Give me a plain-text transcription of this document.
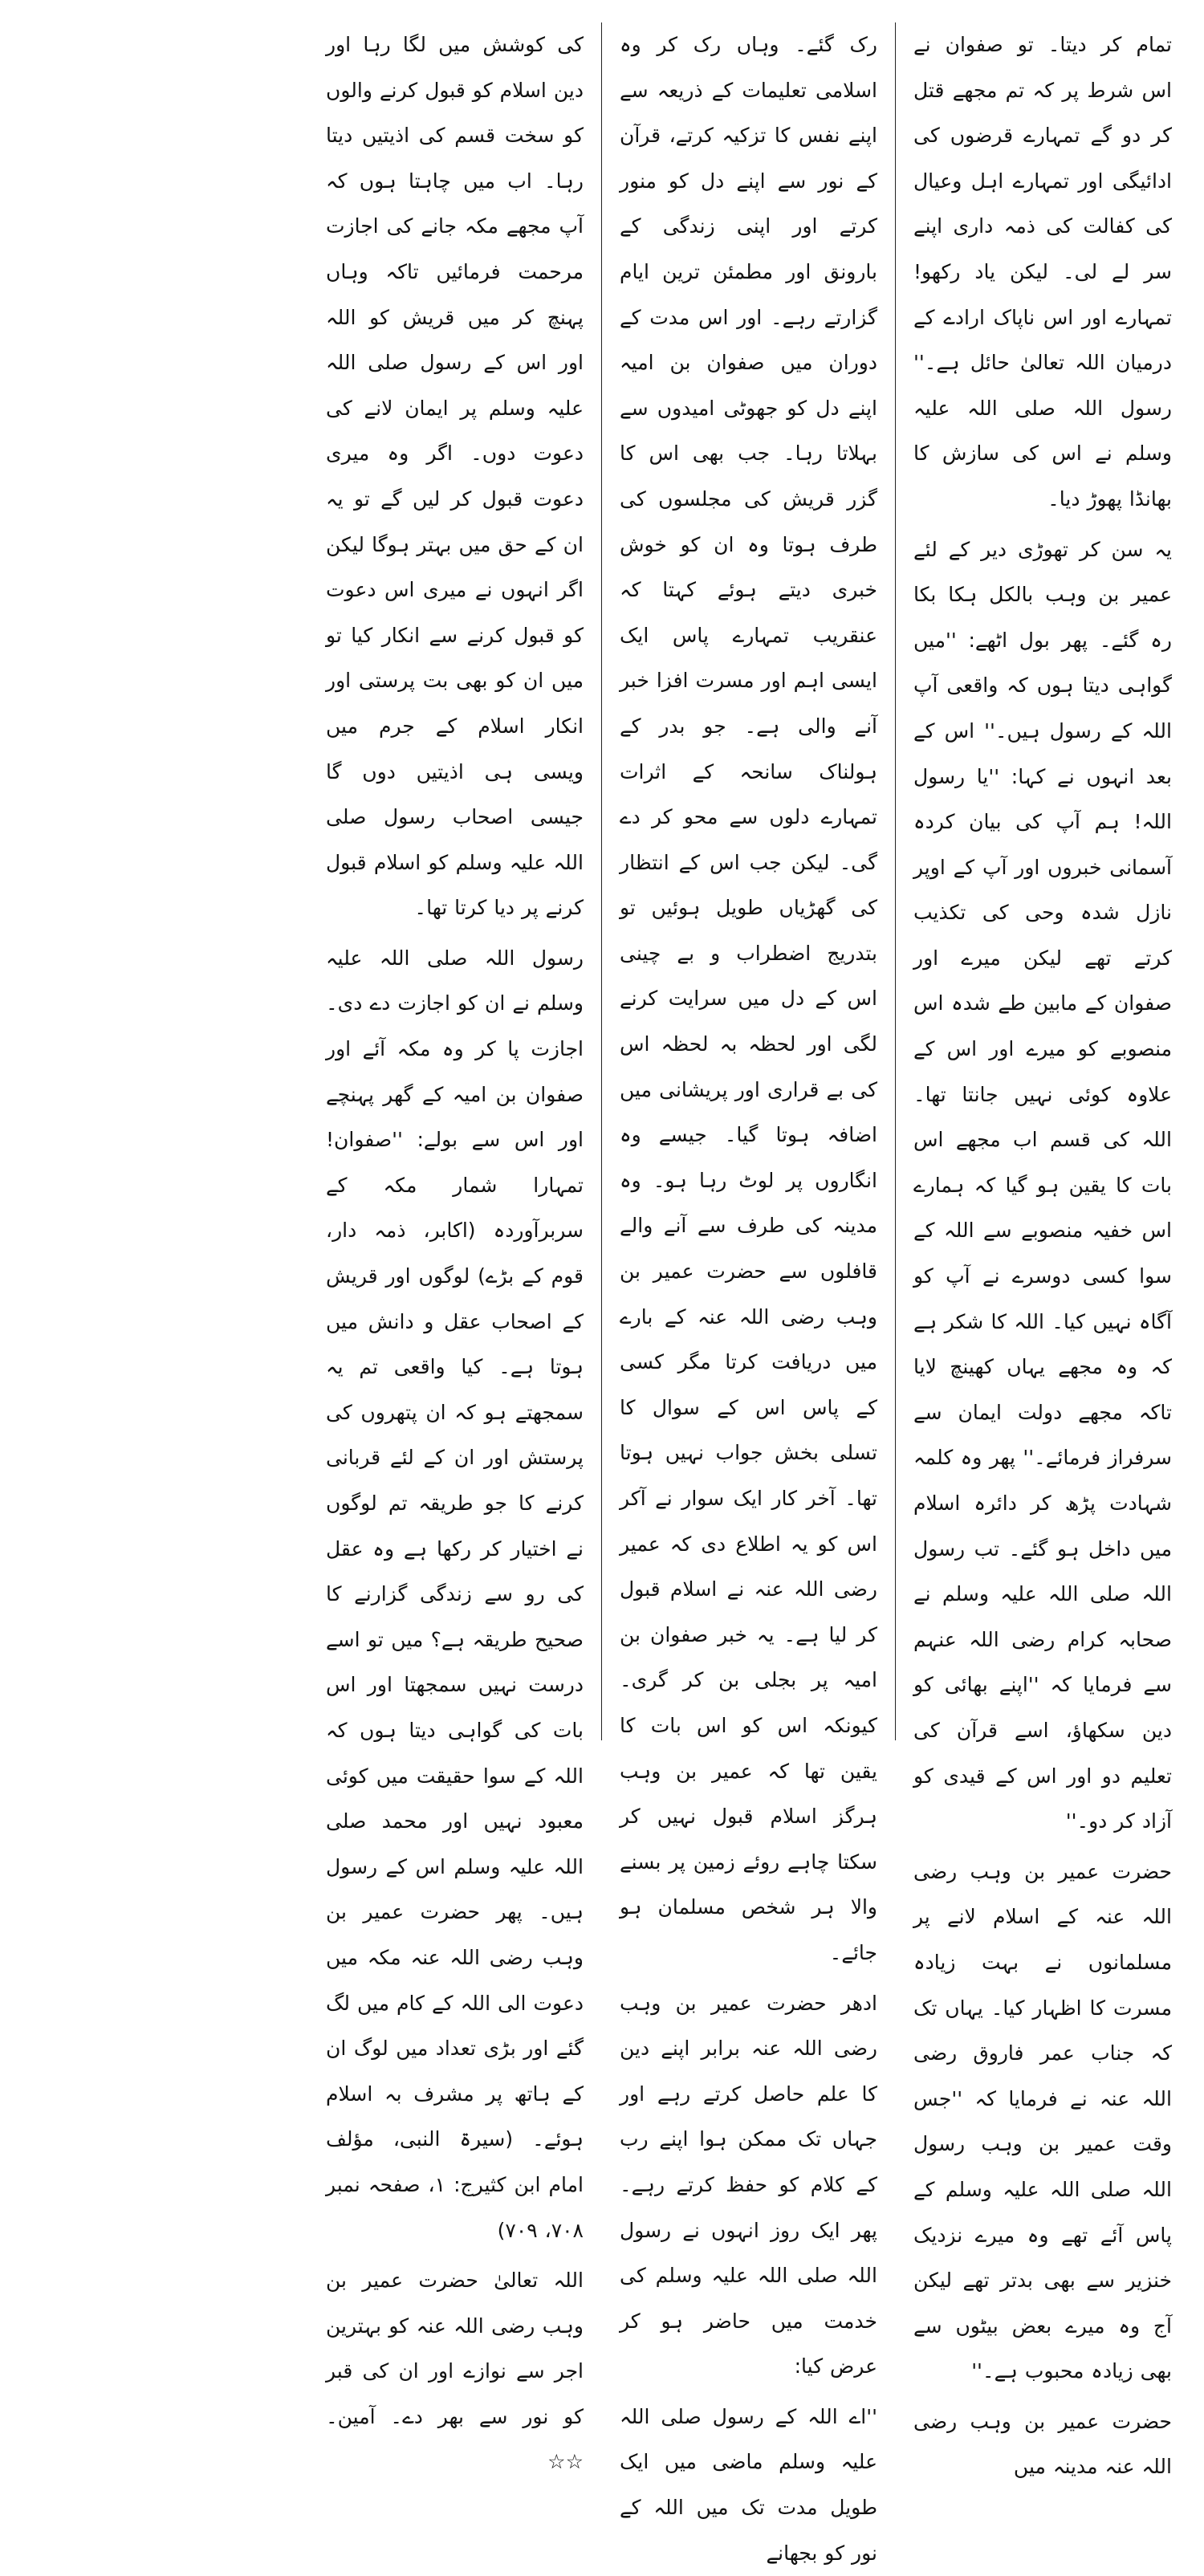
تمام کر دیتا۔ تو صفوان نے اس شرط پر کہ تم مجھے قتل کر دو گے تمہارے قرضوں کی ادائیگی اور تمہارے اہل وعیال کی کفالت کی ذمہ داری اپنے سر لے لی۔ لیکن یاد رکھو! تمہارے اور اس ناپاک ارادے کے درمیان اللہ تعالیٰ حائل ہے۔'' رسول اللہ صلی اللہ علیہ وسلم نے اس کی سازش کا بھانڈا پھوڑ دیا۔

یہ سن کر تھوڑی دیر کے لئے عمیر بن وہب بالکل ہکا بکا رہ گئے۔ پھر بول اٹھے: ''میں گواہی دیتا ہوں کہ واقعی آپ اللہ کے رسول ہیں۔'' اس کے بعد انہوں نے کہا: ''یا رسول اللہ! ہم آپ کی بیان کردہ آسمانی خبروں اور آپ کے اوپر نازل شدہ وحی کی تکذیب کرتے تھے لیکن میرے اور صفوان کے مابین طے شدہ اس منصوبے کو میرے اور اس کے علاوہ کوئی نہیں جانتا تھا۔ اللہ کی قسم اب مجھے اس بات کا یقین ہو گیا کہ ہمارے اس خفیہ منصوبے سے اللہ کے سوا کسی دوسرے نے آپ کو آگاہ نہیں کیا۔ اللہ کا شکر ہے کہ وہ مجھے یہاں کھینچ لایا تاکہ مجھے دولت ایمان سے سرفراز فرمائے۔'' پھر وہ کلمہ شہادت پڑھ کر دائرہ اسلام میں داخل ہو گئے۔ تب رسول اللہ صلی اللہ علیہ وسلم نے صحابہ کرام رضی اللہ عنہم سے فرمایا کہ ''اپنے بھائی کو دین سکھاؤ، اسے قرآن کی تعلیم دو اور اس کے قیدی کو آزاد کر دو۔''

حضرت عمیر بن وہب رضی اللہ عنہ کے اسلام لانے پر مسلمانوں نے بہت زیادہ مسرت کا اظہار کیا۔ یہاں تک کہ جناب عمر فاروق رضی اللہ عنہ نے فرمایا کہ ''جس وقت عمیر بن وہب رسول اللہ صلی اللہ علیہ وسلم کے پاس آئے تھے وہ میرے نزدیک خنزیر سے بھی بدتر تھے لیکن آج وہ میرے بعض بیٹوں سے بھی زیادہ محبوب ہے۔''

حضرت عمیر بن وہب رضی اللہ عنہ مدینہ میں

رک گئے۔ وہاں رک کر وہ اسلامی تعلیمات کے ذریعہ سے اپنے نفس کا تزکیہ کرتے، قرآن کے نور سے اپنے دل کو منور کرتے اور اپنی زندگی کے بارونق اور مطمئن ترین ایام گزارتے رہے۔ اور اس مدت کے دوران میں صفوان بن امیہ اپنے دل کو جھوٹی امیدوں سے بہلاتا رہا۔ جب بھی اس کا گزر قریش کی مجلسوں کی طرف ہوتا وہ ان کو خوش خبری دیتے ہوئے کہتا کہ عنقریب تمہارے پاس ایک ایسی اہم اور مسرت افزا خبر آنے والی ہے۔ جو بدر کے ہولناک سانحہ کے اثرات تمہارے دلوں سے محو کر دے گی۔ لیکن جب اس کے انتظار کی گھڑیاں طویل ہوئیں تو بتدریج اضطراب و بے چینی اس کے دل میں سرایت کرنے لگی اور لحظہ بہ لحظہ اس کی بے قراری اور پریشانی میں اضافہ ہوتا گیا۔ جیسے وہ انگاروں پر لوٹ رہا ہو۔ وہ مدینہ کی طرف سے آنے والے قافلوں سے حضرت عمیر بن وہب رضی اللہ عنہ کے بارے میں دریافت کرتا مگر کسی کے پاس اس کے سوال کا تسلی بخش جواب نہیں ہوتا تھا۔ آخر کار ایک سوار نے آکر اس کو یہ اطلاع دی کہ عمیر رضی اللہ عنہ نے اسلام قبول کر لیا ہے۔ یہ خبر صفوان بن امیہ پر بجلی بن کر گری۔ کیونکہ اس کو اس بات کا یقین تھا کہ عمیر بن وہب ہرگز اسلام قبول نہیں کر سکتا چاہے روئے زمین پر بسنے والا ہر شخص مسلمان ہو جائے۔

ادھر حضرت عمیر بن وہب رضی اللہ عنہ برابر اپنے دین کا علم حاصل کرتے رہے اور جہاں تک ممکن ہوا اپنے رب کے کلام کو حفظ کرتے رہے۔ پھر ایک روز انہوں نے رسول اللہ صلی اللہ علیہ وسلم کی خدمت میں حاضر ہو کر عرض کیا:

''اے اللہ کے رسول صلی اللہ علیہ وسلم ماضی میں ایک طویل مدت تک میں اللہ کے نور کو بجھانے

کی کوشش میں لگا رہا اور دین اسلام کو قبول کرنے والوں کو سخت قسم کی اذیتیں دیتا رہا۔ اب میں چاہتا ہوں کہ آپ مجھے مکہ جانے کی اجازت مرحمت فرمائیں تاکہ وہاں پہنچ کر میں قریش کو اللہ اور اس کے رسول صلی اللہ علیہ وسلم پر ایمان لانے کی دعوت دوں۔ اگر وہ میری دعوت قبول کر لیں گے تو یہ ان کے حق میں بہتر ہوگا لیکن اگر انہوں نے میری اس دعوت کو قبول کرنے سے انکار کیا تو میں ان کو بھی بت پرستی اور انکار اسلام کے جرم میں ویسی ہی اذیتیں دوں گا جیسی اصحاب رسول صلی اللہ علیہ وسلم کو اسلام قبول کرنے پر دیا کرتا تھا۔

رسول اللہ صلی اللہ علیہ وسلم نے ان کو اجازت دے دی۔ اجازت پا کر وہ مکہ آئے اور صفوان بن امیہ کے گھر پہنچے اور اس سے بولے: ''صفوان! تمہارا شمار مکہ کے سربرآوردہ (اکابر، ذمہ دار، قوم کے بڑے) لوگوں اور قریش کے اصحاب عقل و دانش میں ہوتا ہے۔ کیا واقعی تم یہ سمجھتے ہو کہ ان پتھروں کی پرستش اور ان کے لئے قربانی کرنے کا جو طریقہ تم لوگوں نے اختیار کر رکھا ہے وہ عقل کی رو سے زندگی گزارنے کا صحیح طریقہ ہے؟ میں تو اسے درست نہیں سمجھتا اور اس بات کی گواہی دیتا ہوں کہ اللہ کے سوا حقیقت میں کوئی معبود نہیں اور محمد صلی اللہ علیہ وسلم اس کے رسول ہیں۔ پھر حضرت عمیر بن وہب رضی اللہ عنہ مکہ میں دعوت الی اللہ کے کام میں لگ گئے اور بڑی تعداد میں لوگ ان کے ہاتھ پر مشرف بہ اسلام ہوئے۔ (سیرۃ النبی، مؤلف امام ابن کثیرج: ۱، صفحہ نمبر ۷۰۸، ۷۰۹)

اللہ تعالیٰ حضرت عمیر بن وہب رضی اللہ عنہ کو بہترین اجر سے نوازے اور ان کی قبر کو نور سے بھر دے۔ آمین۔ ☆☆
